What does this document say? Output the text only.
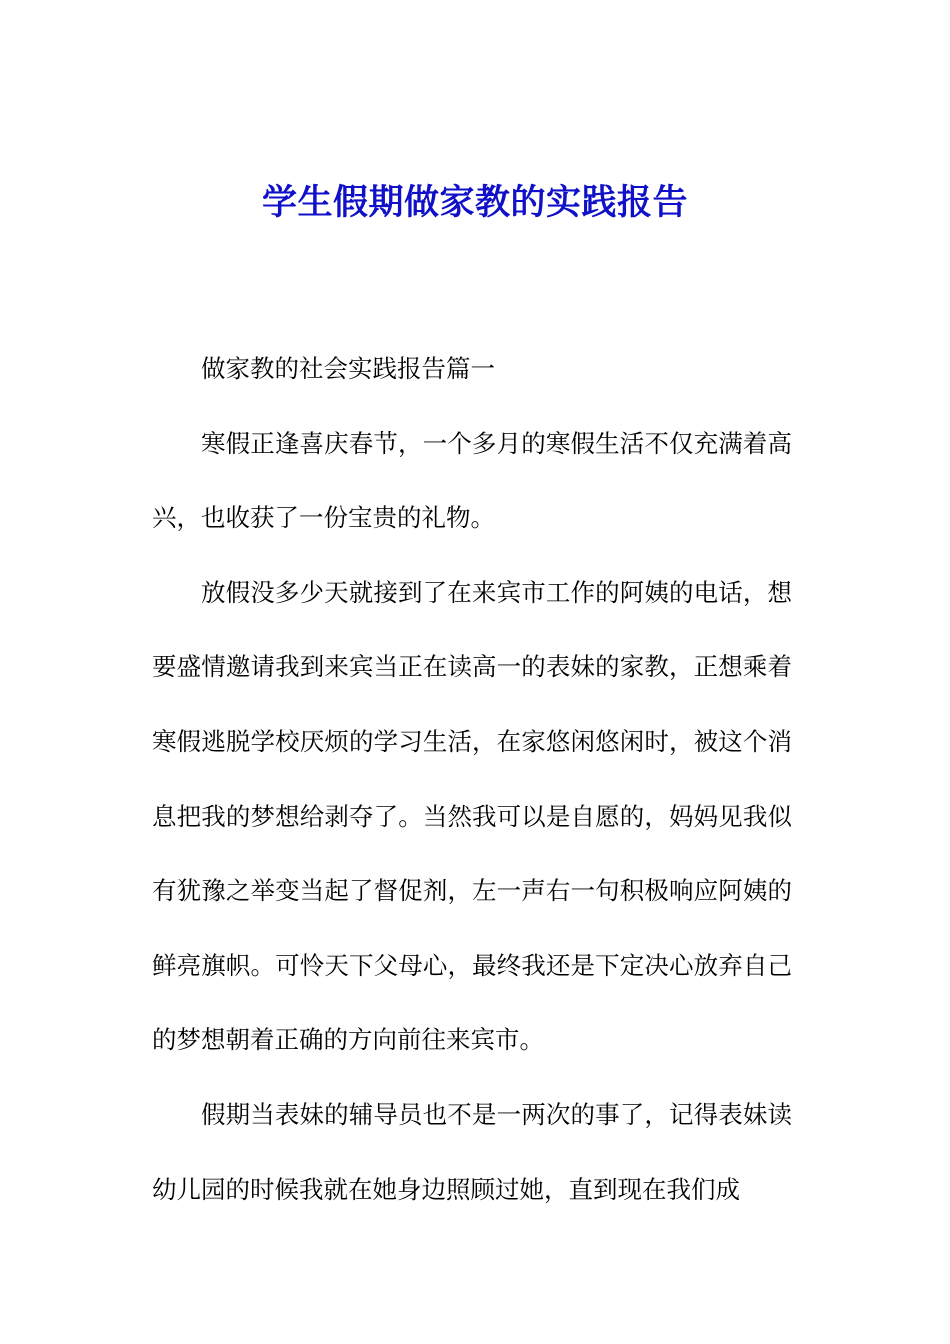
学生假期做家教的实践报告

做家教的社会实践报告篇一

寒假正逢喜庆春节，一个多月的寒假生活不仅充满着高兴，也收获了一份宝贵的礼物。

放假没多少天就接到了在来宾市工作的阿姨的电话，想要盛情邀请我到来宾当正在读高一的表妹的家教，正想乘着寒假逃脱学校厌烦的学习生活，在家悠闲悠闲时，被这个消息把我的梦想给剥夺了。当然我可以是自愿的，妈妈见我似有犹豫之举变当起了督促剂，左一声右一句积极响应阿姨的鲜亮旗帜。可怜天下父母心，最终我还是下定决心放弃自己的梦想朝着正确的方向前往来宾市。

假期当表妹的辅导员也不是一两次的事了，记得表妹读幼儿园的时候我就在她身边照顾过她，直到现在我们成
